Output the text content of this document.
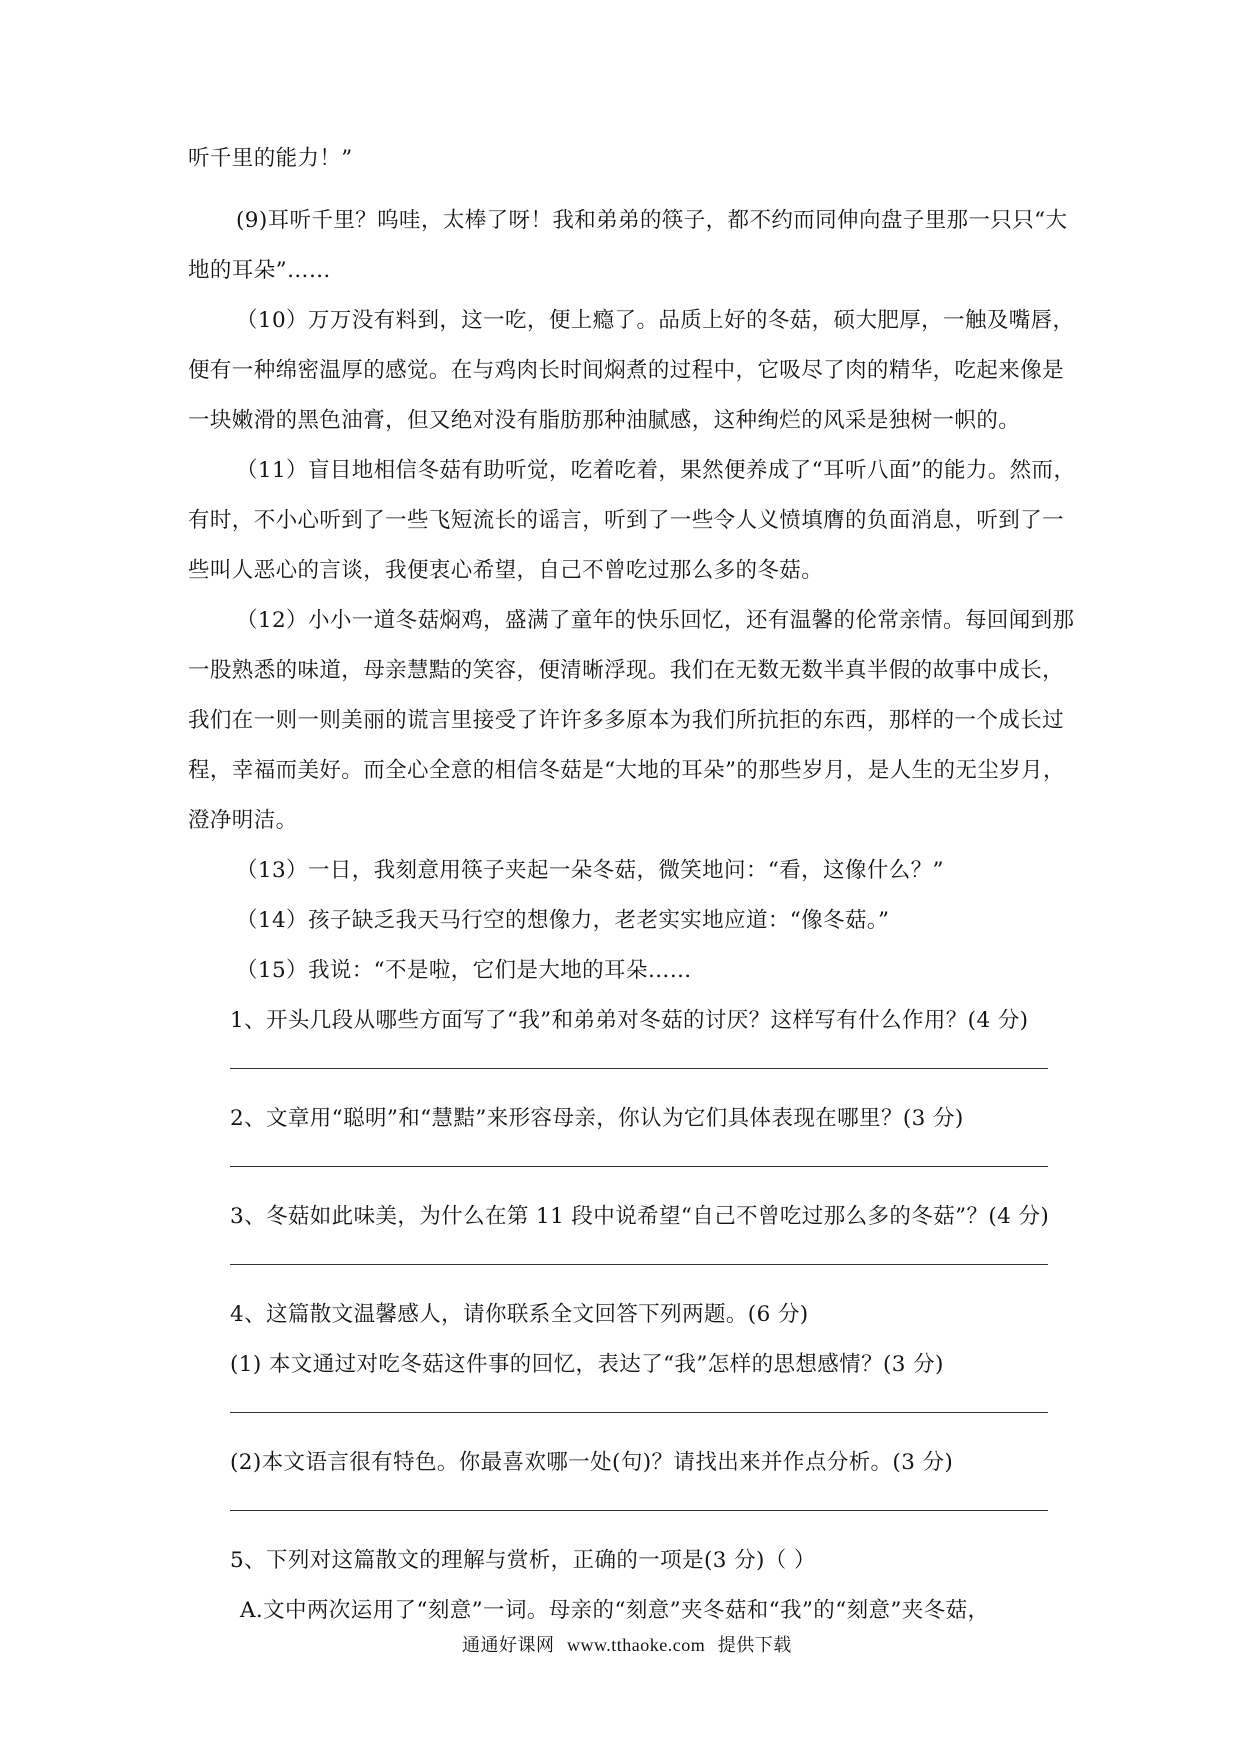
听千里的能力！”
(9)耳听千里？呜哇，太棒了呀！我和弟弟的筷子，都不约而同伸向盘子里那一只只“大
地的耳朵”……
（10）万万没有料到，这一吃，便上瘾了。品质上好的冬菇，硕大肥厚，一触及嘴唇，
便有一种绵密温厚的感觉。在与鸡肉长时间焖煮的过程中，它吸尽了肉的精华，吃起来像是
一块嫩滑的黑色油膏，但又绝对没有脂肪那种油腻感，这种绚烂的风采是独树一帜的。
（11）盲目地相信冬菇有助听觉，吃着吃着，果然便养成了“耳听八面”的能力。然而，
有时，不小心听到了一些飞短流长的谣言，听到了一些令人义愤填膺的负面消息，听到了一
些叫人恶心的言谈，我便衷心希望，自己不曾吃过那么多的冬菇。
（12）小小一道冬菇焖鸡，盛满了童年的快乐回忆，还有温馨的伦常亲情。每回闻到那
一股熟悉的味道，母亲慧黠的笑容，便清晰浮现。我们在无数无数半真半假的故事中成长，
我们在一则一则美丽的谎言里接受了许许多多原本为我们所抗拒的东西，那样的一个成长过
程，幸福而美好。而全心全意的相信冬菇是“大地的耳朵”的那些岁月，是人生的无尘岁月，
澄净明洁。
（13）一日，我刻意用筷子夹起一朵冬菇，微笑地问：“看，这像什么？”
（14）孩子缺乏我天马行空的想像力，老老实实地应道：“像冬菇。”
（15）我说：“不是啦，它们是大地的耳朵……
1、开头几段从哪些方面写了“我”和弟弟对冬菇的讨厌？这样写有什么作用？(4 分)
2、文章用“聪明”和“慧黠”来形容母亲，你认为它们具体表现在哪里？(3 分)
3、冬菇如此味美，为什么在第 11 段中说希望“自己不曾吃过那么多的冬菇”？(4 分)
4、这篇散文温馨感人，请你联系全文回答下列两题。(6 分)
(1) 本文通过对吃冬菇这件事的回忆，表达了“我”怎样的思想感情？(3 分)
(2)本文语言很有特色。你最喜欢哪一处(句)？请找出来并作点分析。(3 分)
5、下列对这篇散文的理解与赏析，正确的一项是(3 分)（ ）
A.文中两次运用了“刻意”一词。母亲的“刻意”夹冬菇和“我”的“刻意”夹冬菇，
通通好课网 www.tthaoke.com 提供下载
